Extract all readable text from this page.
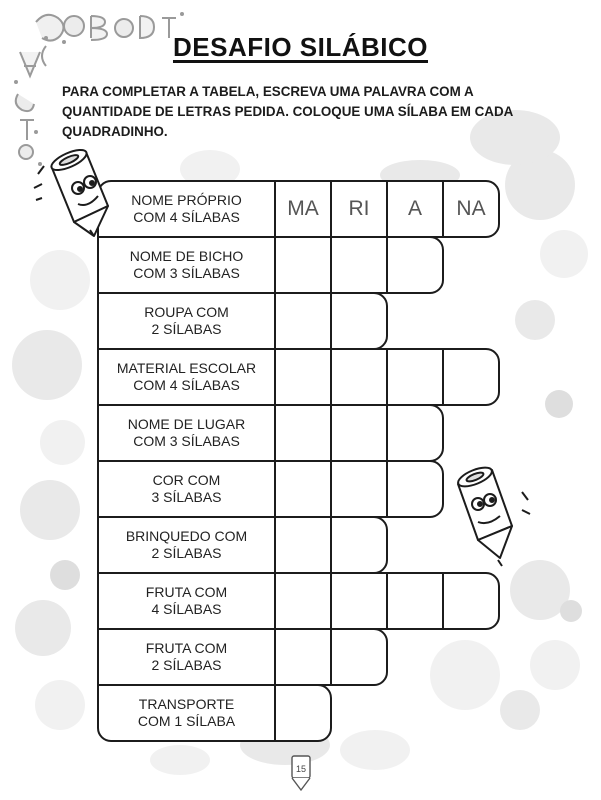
DESAFIO SILÁBICO
PARA COMPLETAR A TABELA, ESCREVA UMA PALAVRA COM A
QUANTIDADE DE LETRAS PEDIDA. COLOQUE UMA SÍLABA EM CADA
QUADRADINHO.
NOME PRÓPRIO
COM 4 SÍLABAS	MA	RI	A	NA
NOME DE BICHO
COM 3 SÍLABAS
ROUPA COM
2 SÍLABAS
MATERIAL ESCOLAR
COM 4 SÍLABAS
NOME DE LUGAR
COM 3 SÍLABAS
COR COM
3 SÍLABAS
BRINQUEDO COM
2 SÍLABAS
FRUTA COM
4 SÍLABAS
FRUTA COM
2 SÍLABAS
TRANSPORTE
COM 1 SÍLABA
15
